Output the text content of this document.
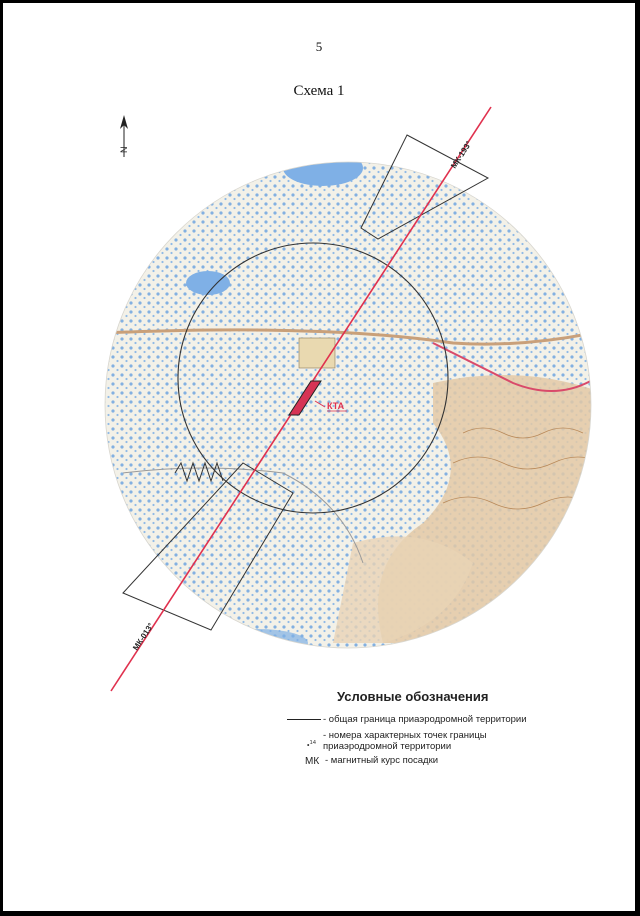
5
Схема 1
КТА
МК-193°
МК-013°
N
Условные обозначения
- общая граница приаэродромной территории
•$^{14}$
- номера характерных точек границы приаэродромной территории
МК - магнитный курс посадки
